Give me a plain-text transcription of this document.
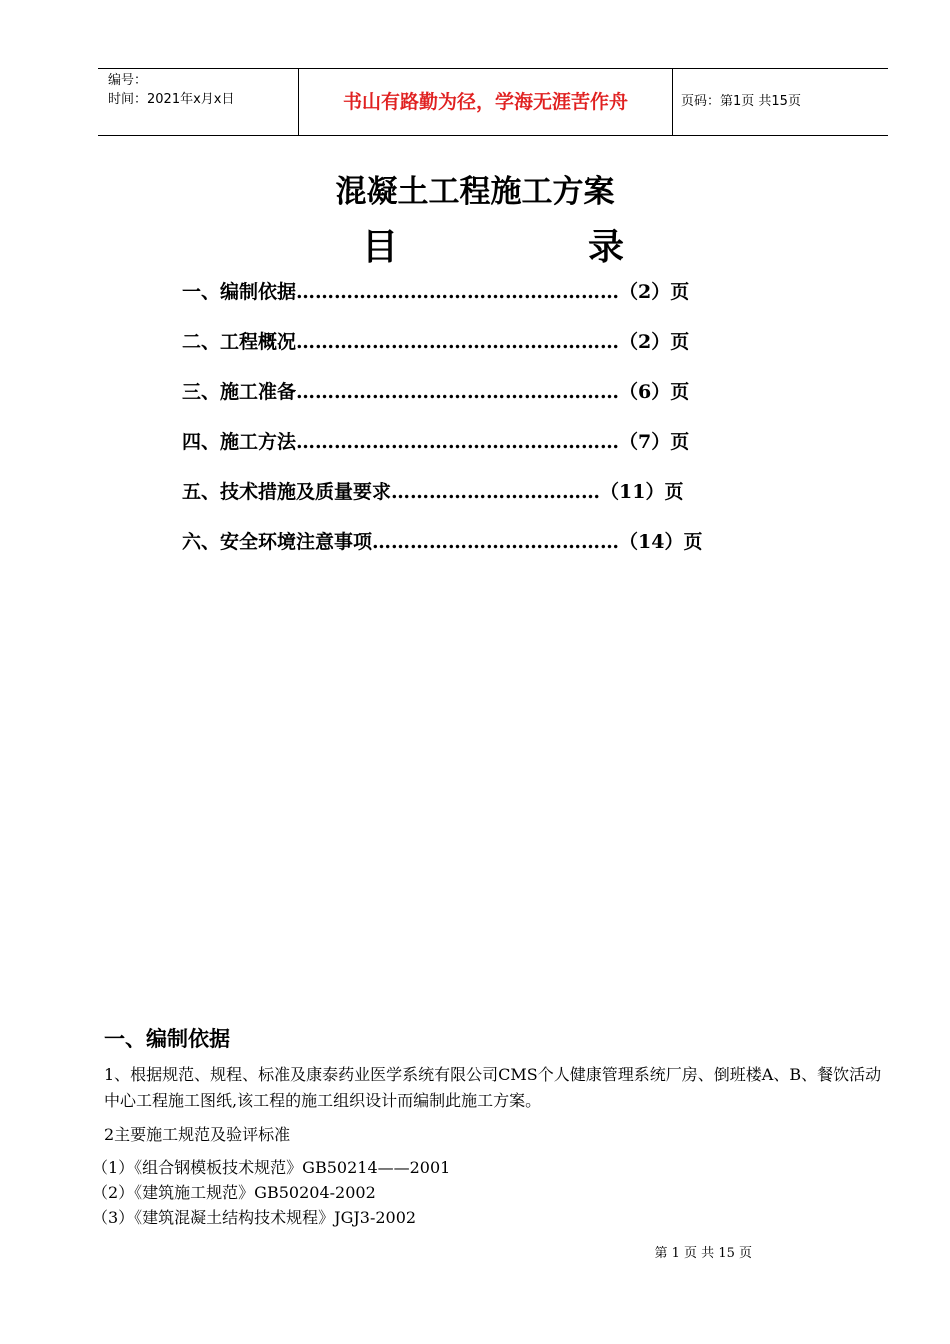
编号：
时间：2021年x月x日	书山有路勤为径，学海无涯苦作舟	页码：第1页 共15页
混凝土工程施工方案
目	录
一、编制依据……………………………………………（2）页
二、工程概况……………………………………………（2）页
三、施工准备……………………………………………（6）页
四、施工方法……………………………………………（7）页
五、技术措施及质量要求……………………………（11）页
六、安全环境注意事项…………………………………（14）页
一、编制依据
1、根据规范、规程、标准及康泰药业医学系统有限公司CMS个人健康管理系统厂房、倒班楼A、B、餐饮活动中心工程施工图纸,该工程的施工组织设计而编制此施工方案。
2主要施工规范及验评标准
（1）《组合钢模板技术规范》GB50214——2001
（2）《建筑施工规范》GB50204-2002
（3）《建筑混凝土结构技术规程》JGJ3-2002
第 1 页 共 15 页
